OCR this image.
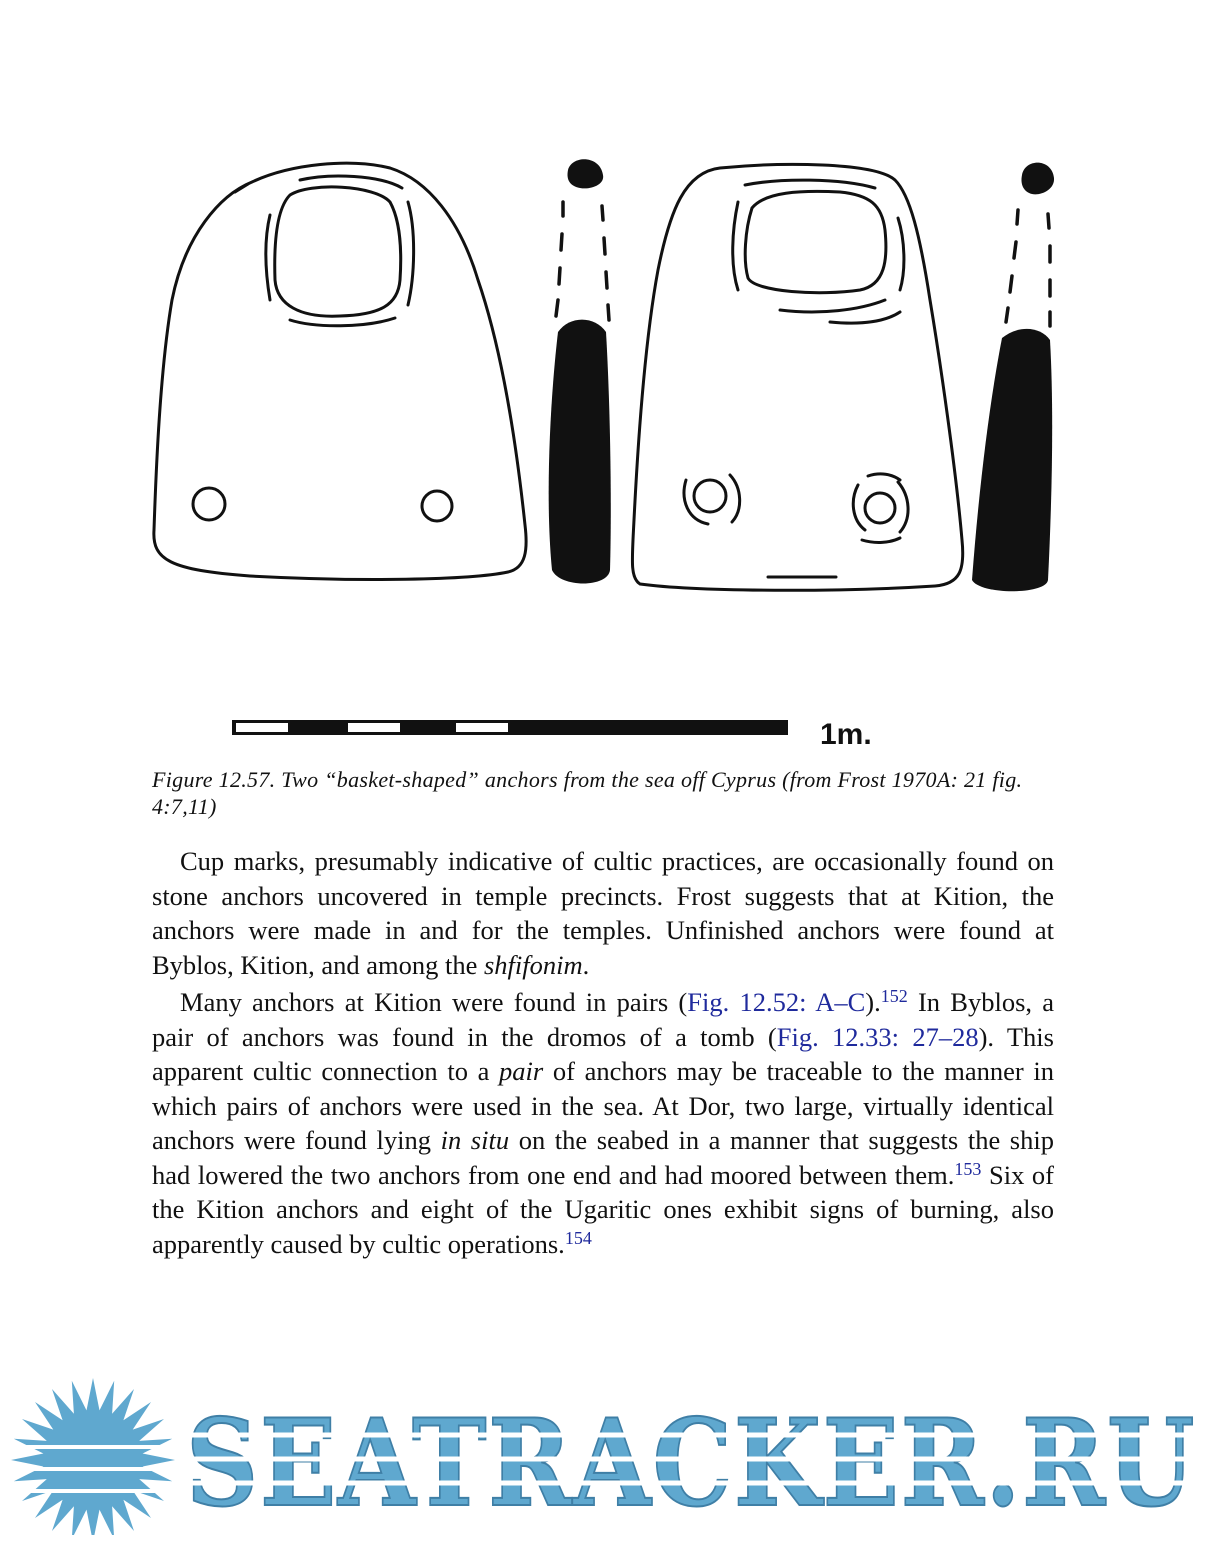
1m.
Figure 12.57. Two “basket-shaped” anchors from the sea off Cyprus (from Frost 1970A: 21 fig. 4:7,11)

Cup marks, presumably indicative of cultic practices, are occasionally found on stone anchors uncovered in temple precincts. Frost suggests that at Kition, the anchors were made in and for the temples. Unfinished anchors were found at Byblos, Kition, and among the shfifonim.

Many anchors at Kition were found in pairs (Fig. 12.52: A–C).$^{152}$ In Byblos, a pair of anchors was found in the dromos of a tomb (Fig. 12.33: 27–28). This apparent cultic connection to a pair of anchors may be traceable to the manner in which pairs of anchors were used in the sea. At Dor, two large, virtually identical anchors were found lying in situ on the seabed in a manner that suggests the ship had lowered the two anchors from one end and had moored between them.$^{153}$ Six of the Kition anchors and eight of the Ugaritic ones exhibit signs of burning, also apparently caused by cultic operations.$^{154}$

SEATRACKER.RU
